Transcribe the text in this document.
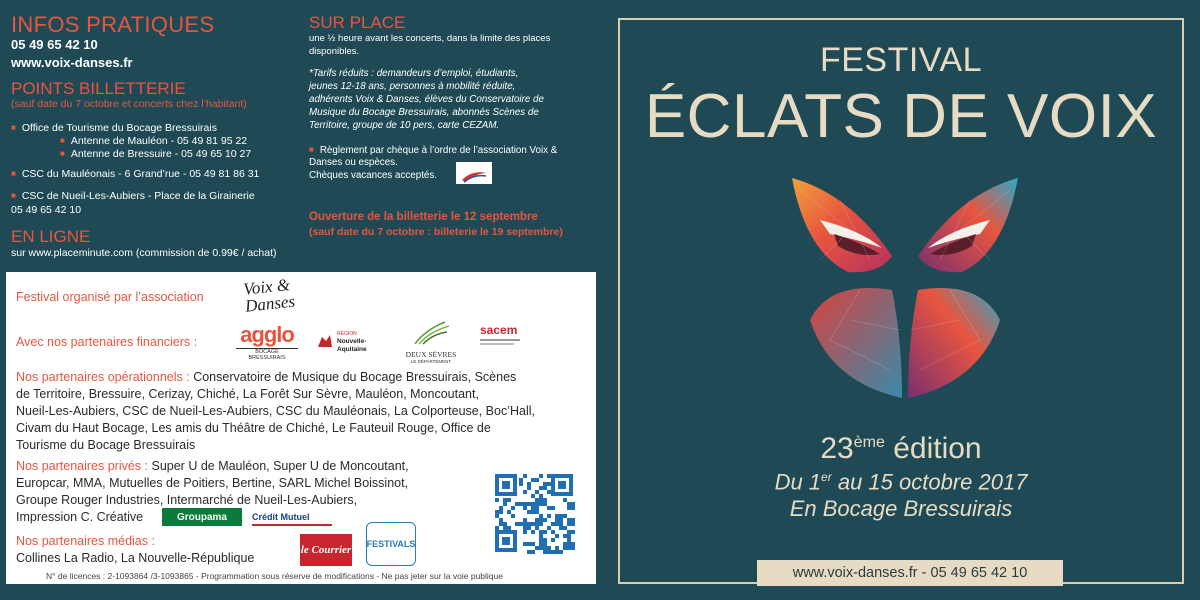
INFOS PRATIQUES
05 49 65 42 10
www.voix-danses.fr
POINTS BILLETTERIE
(sauf date du 7 octobre et concerts chez l’habitant)
■ Office de Tourisme du Bocage Bressuirais
■ Antenne de Mauléon - 05 49 81 95 22
■ Antenne de Bressuire - 05 49 65 10 27
■ CSC du Mauléonais - 6 Grand’rue - 05 49 81 86 31
■ CSC de Nueil-Les-Aubiers - Place de la Girainerie
05 49 65 42 10
EN LIGNE
sur www.placeminute.com (commission de 0.99€ / achat)
SUR PLACE
une ½ heure avant les concerts, dans la limite des places
disponibles.
*Tarifs réduits : demandeurs d’emploi, étudiants,
jeunes 12-18 ans, personnes à mobilité réduite,
adhérents Voix & Danses, élèves du Conservatoire de
Musique du Bocage Bressuirais, abonnés Scènes de
Territoire, groupe de 10 pers, carte CEZAM.
■ Règlement par chèque à l’ordre de l’association Voix &
Danses ou espèces.
Chèques vacances acceptés.
Ouverture de la billetterie le 12 septembre
(sauf date du 7 octobre : billeterie le 19 septembre)
Festival organisé par l’association Voix & Danses
Avec nos partenaires financiers : agglo
BOCAGE BRESSUIRAIS
RÉGION
Nouvelle-Aquitaine
DEUX SÈVRES
LE DÉPARTEMENT
sacem
Nos partenaires opérationnels : Conservatoire de Musique du Bocage Bressuirais, Scènes
de Territoire, Bressuire, Cerizay, Chiché, La Forêt Sur Sèvre, Mauléon, Moncoutant,
Nueil-Les-Aubiers, CSC de Nueil-Les-Aubiers, CSC du Mauléonais, La Colporteuse, Boc’Hall,
Civam du Haut Bocage, Les amis du Théâtre de Chiché, Le Fauteuil Rouge, Office de
Tourisme du Bocage Bressuirais
Nos partenaires privés : Super U de Mauléon, Super U de Moncoutant,
Europcar, MMA, Mutuelles de Poitiers, Bertine, SARL Michel Boissinot,
Groupe Rouger Industries, Intermarché de Nueil-Les-Aubiers,
Impression C. Créative	Groupama	Crédit Mutuel
Nos partenaires médias :
Collines La Radio, La Nouvelle-République
le Courrier FESTIVALS
N° de licences : 2-1093864 /3-1093865 - Programmation sous réserve de modifications - Ne pas jeter sur la voie publique
FESTIVAL
ÉCLATS DE VOIX
23ème édition
Du 1er au 15 octobre 2017
En Bocage Bressuirais
www.voix-danses.fr - 05 49 65 42 10
